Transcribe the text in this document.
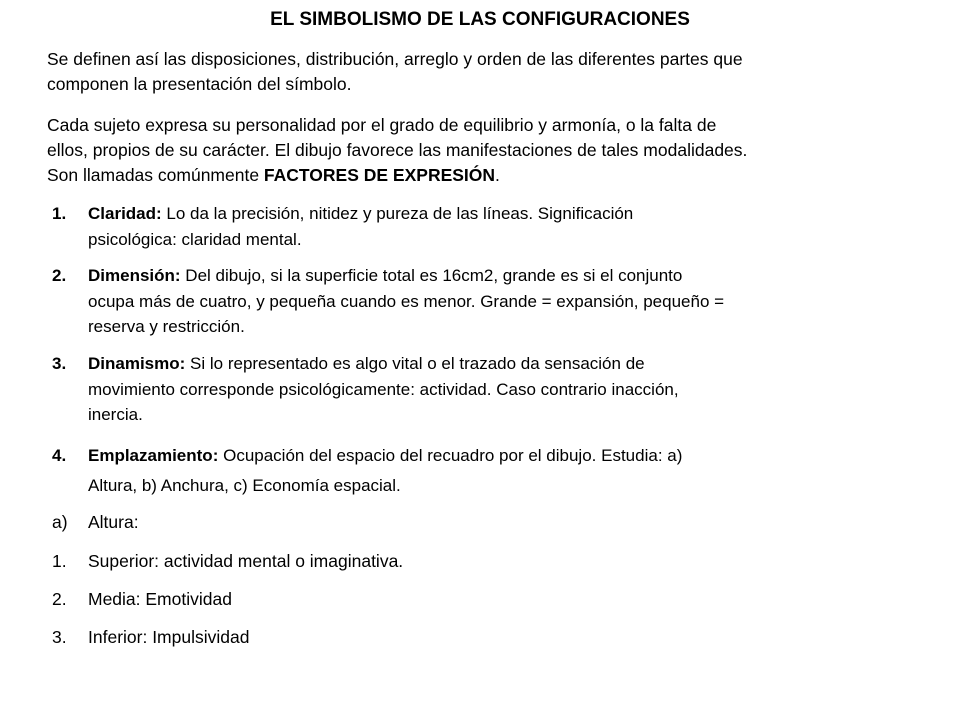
EL SIMBOLISMO DE LAS CONFIGURACIONES

Se definen así las disposiciones, distribución, arreglo y orden de las diferentes partes que
componen la presentación del símbolo.

Cada sujeto expresa su personalidad por el grado de equilibrio y armonía, o la falta de
ellos, propios de su carácter. El dibujo favorece las manifestaciones de tales modalidades.
Son llamadas comúnmente FACTORES DE EXPRESIÓN.

1. Claridad: Lo da la precisión, nitidez y pureza de las líneas. Significación
psicológica: claridad mental.
2. Dimensión: Del dibujo, si la superficie total es 16cm2, grande es si el conjunto
ocupa más de cuatro, y pequeña cuando es menor. Grande = expansión, pequeño =
reserva y restricción.
3. Dinamismo: Si lo representado es algo vital o el trazado da sensación de
movimiento corresponde psicológicamente: actividad. Caso contrario inacción,
inercia.
4. Emplazamiento: Ocupación del espacio del recuadro por el dibujo. Estudia: a)
Altura, b) Anchura, c) Economía espacial.
a) Altura:
1. Superior: actividad mental o imaginativa.
2. Media: Emotividad
3. Inferior: Impulsividad
